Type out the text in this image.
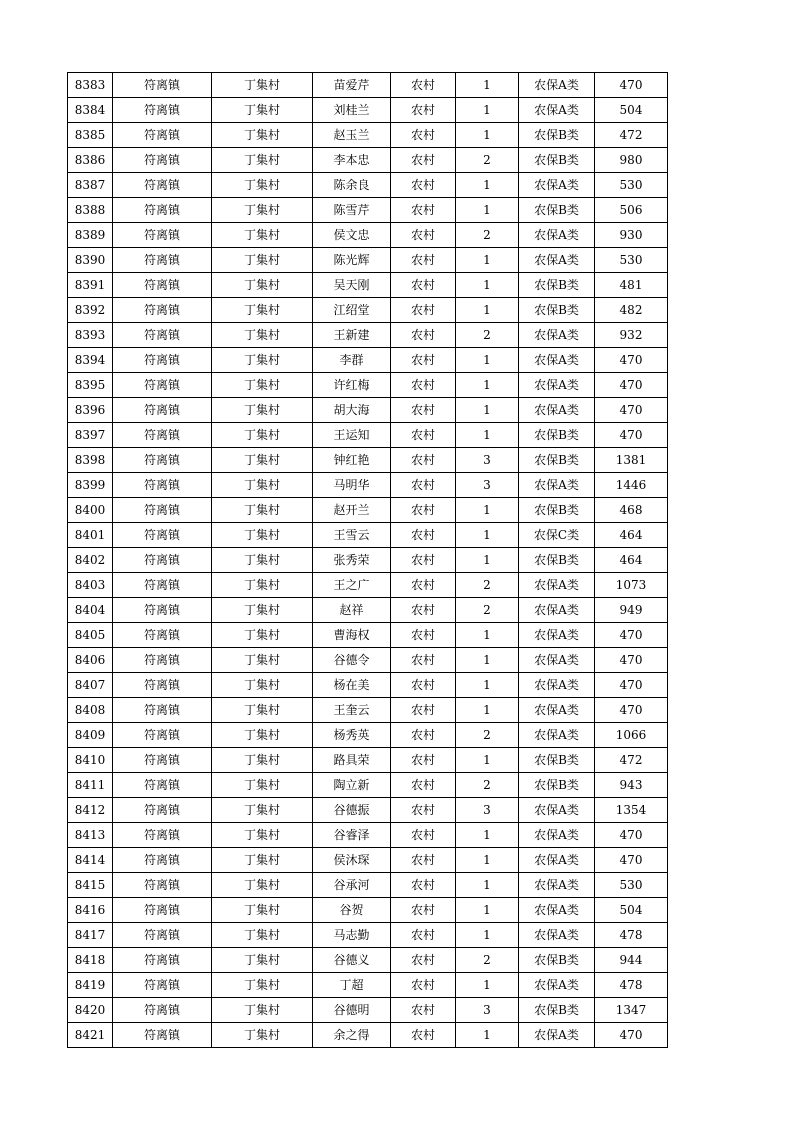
8383	符离镇	丁集村	苗爱芹	农村	1	农保A类	470
8384	符离镇	丁集村	刘桂兰	农村	1	农保A类	504
8385	符离镇	丁集村	赵玉兰	农村	1	农保B类	472
8386	符离镇	丁集村	李本忠	农村	2	农保B类	980
8387	符离镇	丁集村	陈余良	农村	1	农保A类	530
8388	符离镇	丁集村	陈雪芹	农村	1	农保B类	506
8389	符离镇	丁集村	侯文忠	农村	2	农保A类	930
8390	符离镇	丁集村	陈光辉	农村	1	农保A类	530
8391	符离镇	丁集村	吴天刚	农村	1	农保B类	481
8392	符离镇	丁集村	江绍堂	农村	1	农保B类	482
8393	符离镇	丁集村	王新建	农村	2	农保A类	932
8394	符离镇	丁集村	李群	农村	1	农保A类	470
8395	符离镇	丁集村	许红梅	农村	1	农保A类	470
8396	符离镇	丁集村	胡大海	农村	1	农保A类	470
8397	符离镇	丁集村	王运知	农村	1	农保B类	470
8398	符离镇	丁集村	钟红艳	农村	3	农保B类	1381
8399	符离镇	丁集村	马明华	农村	3	农保A类	1446
8400	符离镇	丁集村	赵开兰	农村	1	农保B类	468
8401	符离镇	丁集村	王雪云	农村	1	农保C类	464
8402	符离镇	丁集村	张秀荣	农村	1	农保B类	464
8403	符离镇	丁集村	王之广	农村	2	农保A类	1073
8404	符离镇	丁集村	赵祥	农村	2	农保A类	949
8405	符离镇	丁集村	曹海权	农村	1	农保A类	470
8406	符离镇	丁集村	谷德令	农村	1	农保A类	470
8407	符离镇	丁集村	杨在美	农村	1	农保A类	470
8408	符离镇	丁集村	王奎云	农村	1	农保A类	470
8409	符离镇	丁集村	杨秀英	农村	2	农保A类	1066
8410	符离镇	丁集村	路具荣	农村	1	农保B类	472
8411	符离镇	丁集村	陶立新	农村	2	农保B类	943
8412	符离镇	丁集村	谷德振	农村	3	农保A类	1354
8413	符离镇	丁集村	谷睿泽	农村	1	农保A类	470
8414	符离镇	丁集村	侯沐琛	农村	1	农保A类	470
8415	符离镇	丁集村	谷承河	农村	1	农保A类	530
8416	符离镇	丁集村	谷贺	农村	1	农保A类	504
8417	符离镇	丁集村	马志勤	农村	1	农保A类	478
8418	符离镇	丁集村	谷德义	农村	2	农保B类	944
8419	符离镇	丁集村	丁超	农村	1	农保A类	478
8420	符离镇	丁集村	谷德明	农村	3	农保B类	1347
8421	符离镇	丁集村	余之得	农村	1	农保A类	470
